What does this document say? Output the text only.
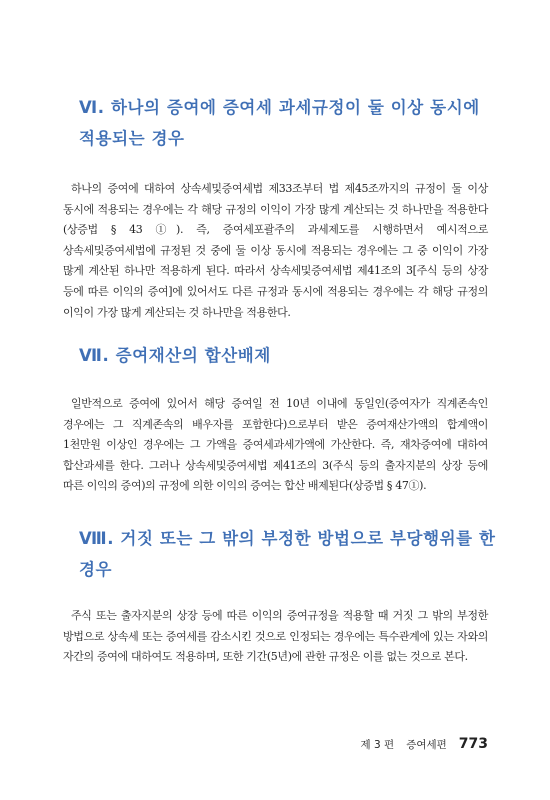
Ⅵ. 하나의 증여에 증여세 과세규정이 둘 이상 동시에
적용되는 경우

하나의 증여에 대하여 상속세및증여세법 제33조부터 법 제45조까지의 규정이 둘 이상 동시에 적용되는 경우에는 각 해당 규정의 이익이 가장 많게 계산되는 것 하나만을 적용한다(상증법 § 43 ①). 즉, 증여세포괄주의 과세제도를 시행하면서 예시적으로 상속세및증여세법에 규정된 것 중에 둘 이상 동시에 적용되는 경우에는 그 중 이익이 가장 많게 계산된 하나만 적용하게 된다. 따라서 상속세및증여세법 제41조의 3[주식 등의 상장 등에 따른 이익의 증여]에 있어서도 다른 규정과 동시에 적용되는 경우에는 각 해당 규정의 이익이 가장 많게 계산되는 것 하나만을 적용한다.

Ⅶ. 증여재산의 합산배제

일반적으로 증여에 있어서 해당 증여일 전 10년 이내에 동일인(증여자가 직계존속인 경우에는 그 직계존속의 배우자를 포함한다)으로부터 받은 증여재산가액의 합계액이 1천만원 이상인 경우에는 그 가액을 증여세과세가액에 가산한다. 즉, 재차증여에 대하여 합산과세를 한다. 그러나 상속세및증여세법 제41조의 3(주식 등의 출자지분의 상장 등에 따른 이익의 증여)의 규정에 의한 이익의 증여는 합산 배제된다(상증법 § 47①).

Ⅷ. 거짓 또는 그 밖의 부정한 방법으로 부당행위를 한
경우

주식 또는 출자지분의 상장 등에 따른 이익의 증여규정을 적용할 때 거짓 그 밖의 부정한 방법으로 상속세 또는 증여세를 감소시킨 것으로 인정되는 경우에는 특수관계에 있는 자와의 자간의 증여에 대하여도 적용하며, 또한 기간(5년)에 관한 규정은 이를 없는 것으로 본다.

제 3 편 증여세편 773
